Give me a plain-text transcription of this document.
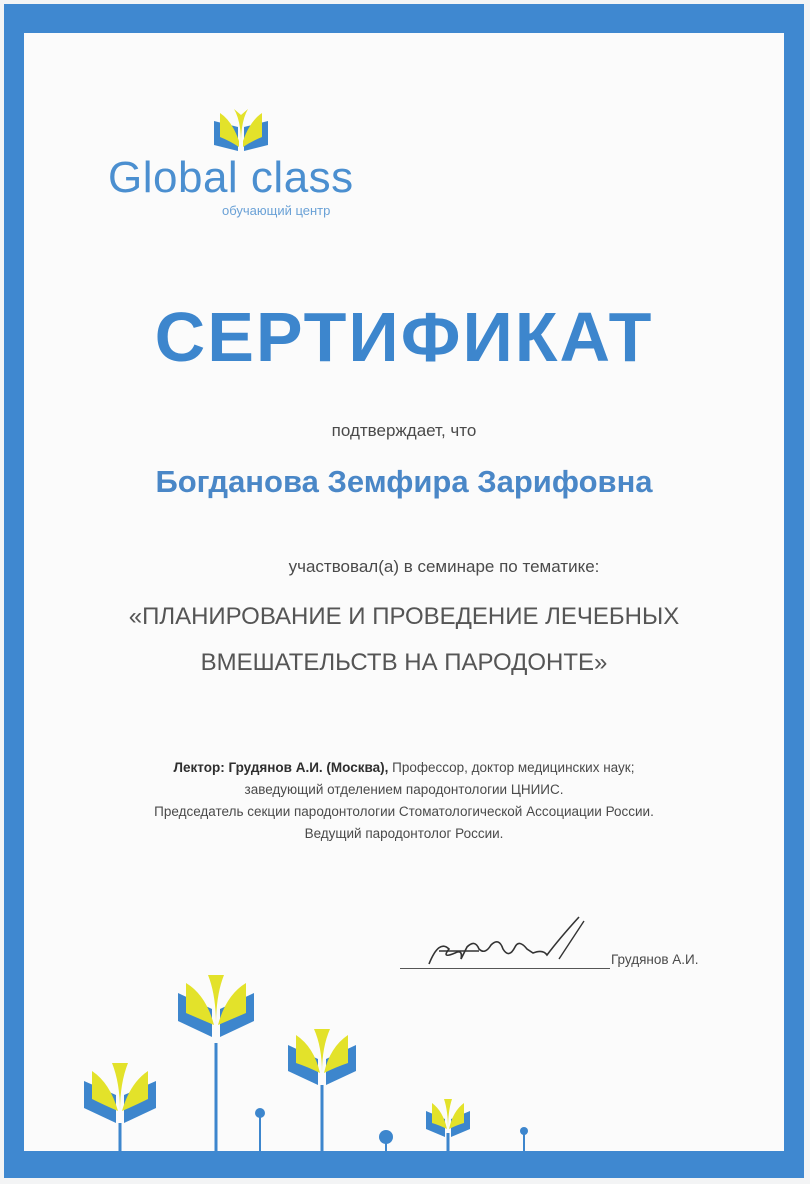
Global class
обучающий центр
СЕРТИФИКАТ
подтверждает, что
Богданова Земфира Зарифовна
участвовал(а) в семинаре по тематике:
«ПЛАНИРОВАНИЕ И ПРОВЕДЕНИЕ ЛЕЧЕБНЫХ
ВМЕШАТЕЛЬСТВ НА ПАРОДОНТЕ»
Лектор: Грудянов А.И. (Москва), Профессор, доктор медицинских наук;
заведующий отделением пародонтологии ЦНИИС.
Председатель секции пародонтологии Стоматологической Ассоциации России.
Ведущий пародонтолог России.
Грудянов А.И.
